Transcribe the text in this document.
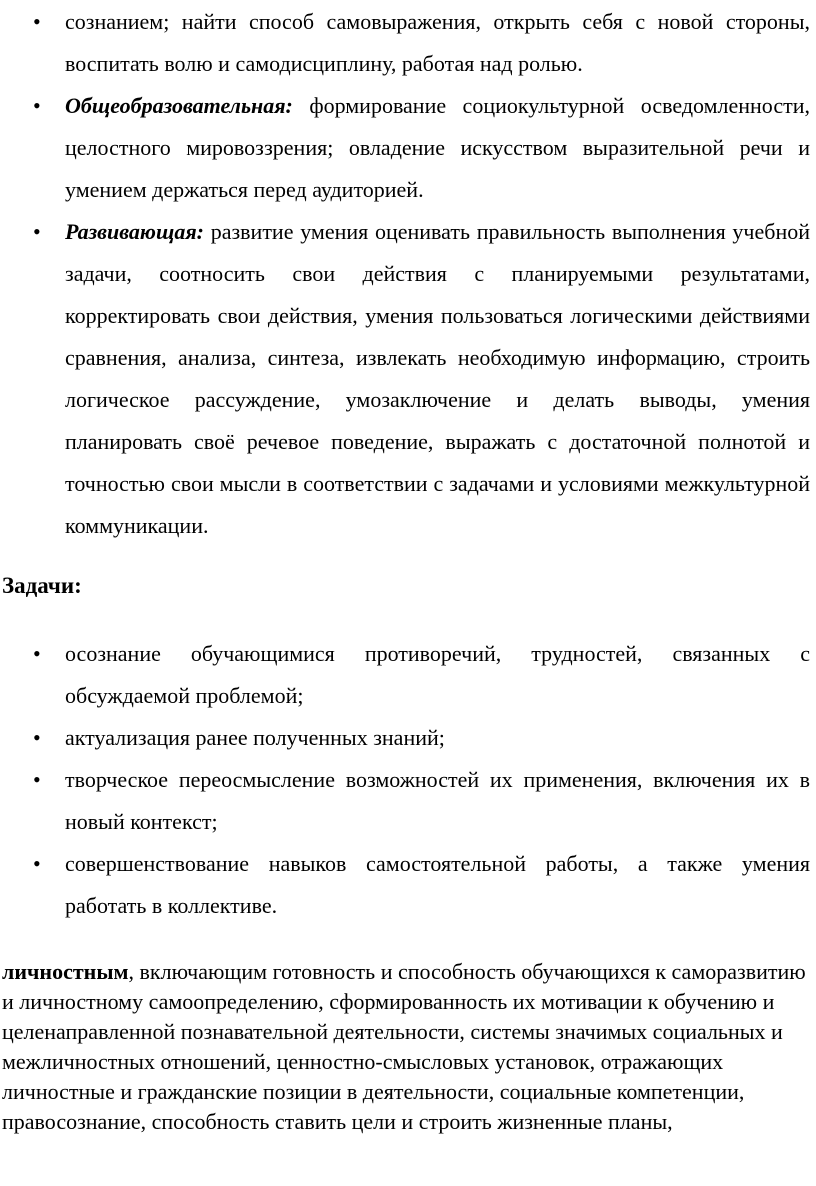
• сознанием; найти способ самовыражения, открыть себя с новой стороны, воспитать волю и самодисциплину, работая над ролью.

• Общеобразовательная: формирование социокультурной осведомленности, целостного мировоззрения; овладение искусством выразительной речи и умением держаться перед аудиторией.

• Развивающая: развитие умения оценивать правильность выполнения учебной задачи, соотносить свои действия с планируемыми результатами, корректировать свои действия, умения пользоваться логическими действиями сравнения, анализа, синтеза, извлекать необходимую информацию, строить логическое рассуждение, умозаключение и делать выводы, умения планировать своё речевое поведение, выражать с достаточной полнотой и точностью свои мысли в соответствии с задачами и условиями межкультурной коммуникации.

Задачи:
• осознание обучающимися противоречий, трудностей, связанных с обсуждаемой проблемой;

• актуализация ранее полученных знаний;

• творческое переосмысление возможностей их применения, включения их в новый контекст;

• совершенствование навыков самостоятельной работы, а также умения работать в коллективе.

личностным, включающим готовность и способность обучающихся к саморазвитию и личностному самоопределению, сформированность их мотивации к обучению и целенаправленной познавательной деятельности, системы значимых социальных и межличностных отношений, ценностно-смысловых установок, отражающих личностные и гражданские позиции в деятельности, социальные компетенции, правосознание, способность ставить цели и строить жизненные планы,
